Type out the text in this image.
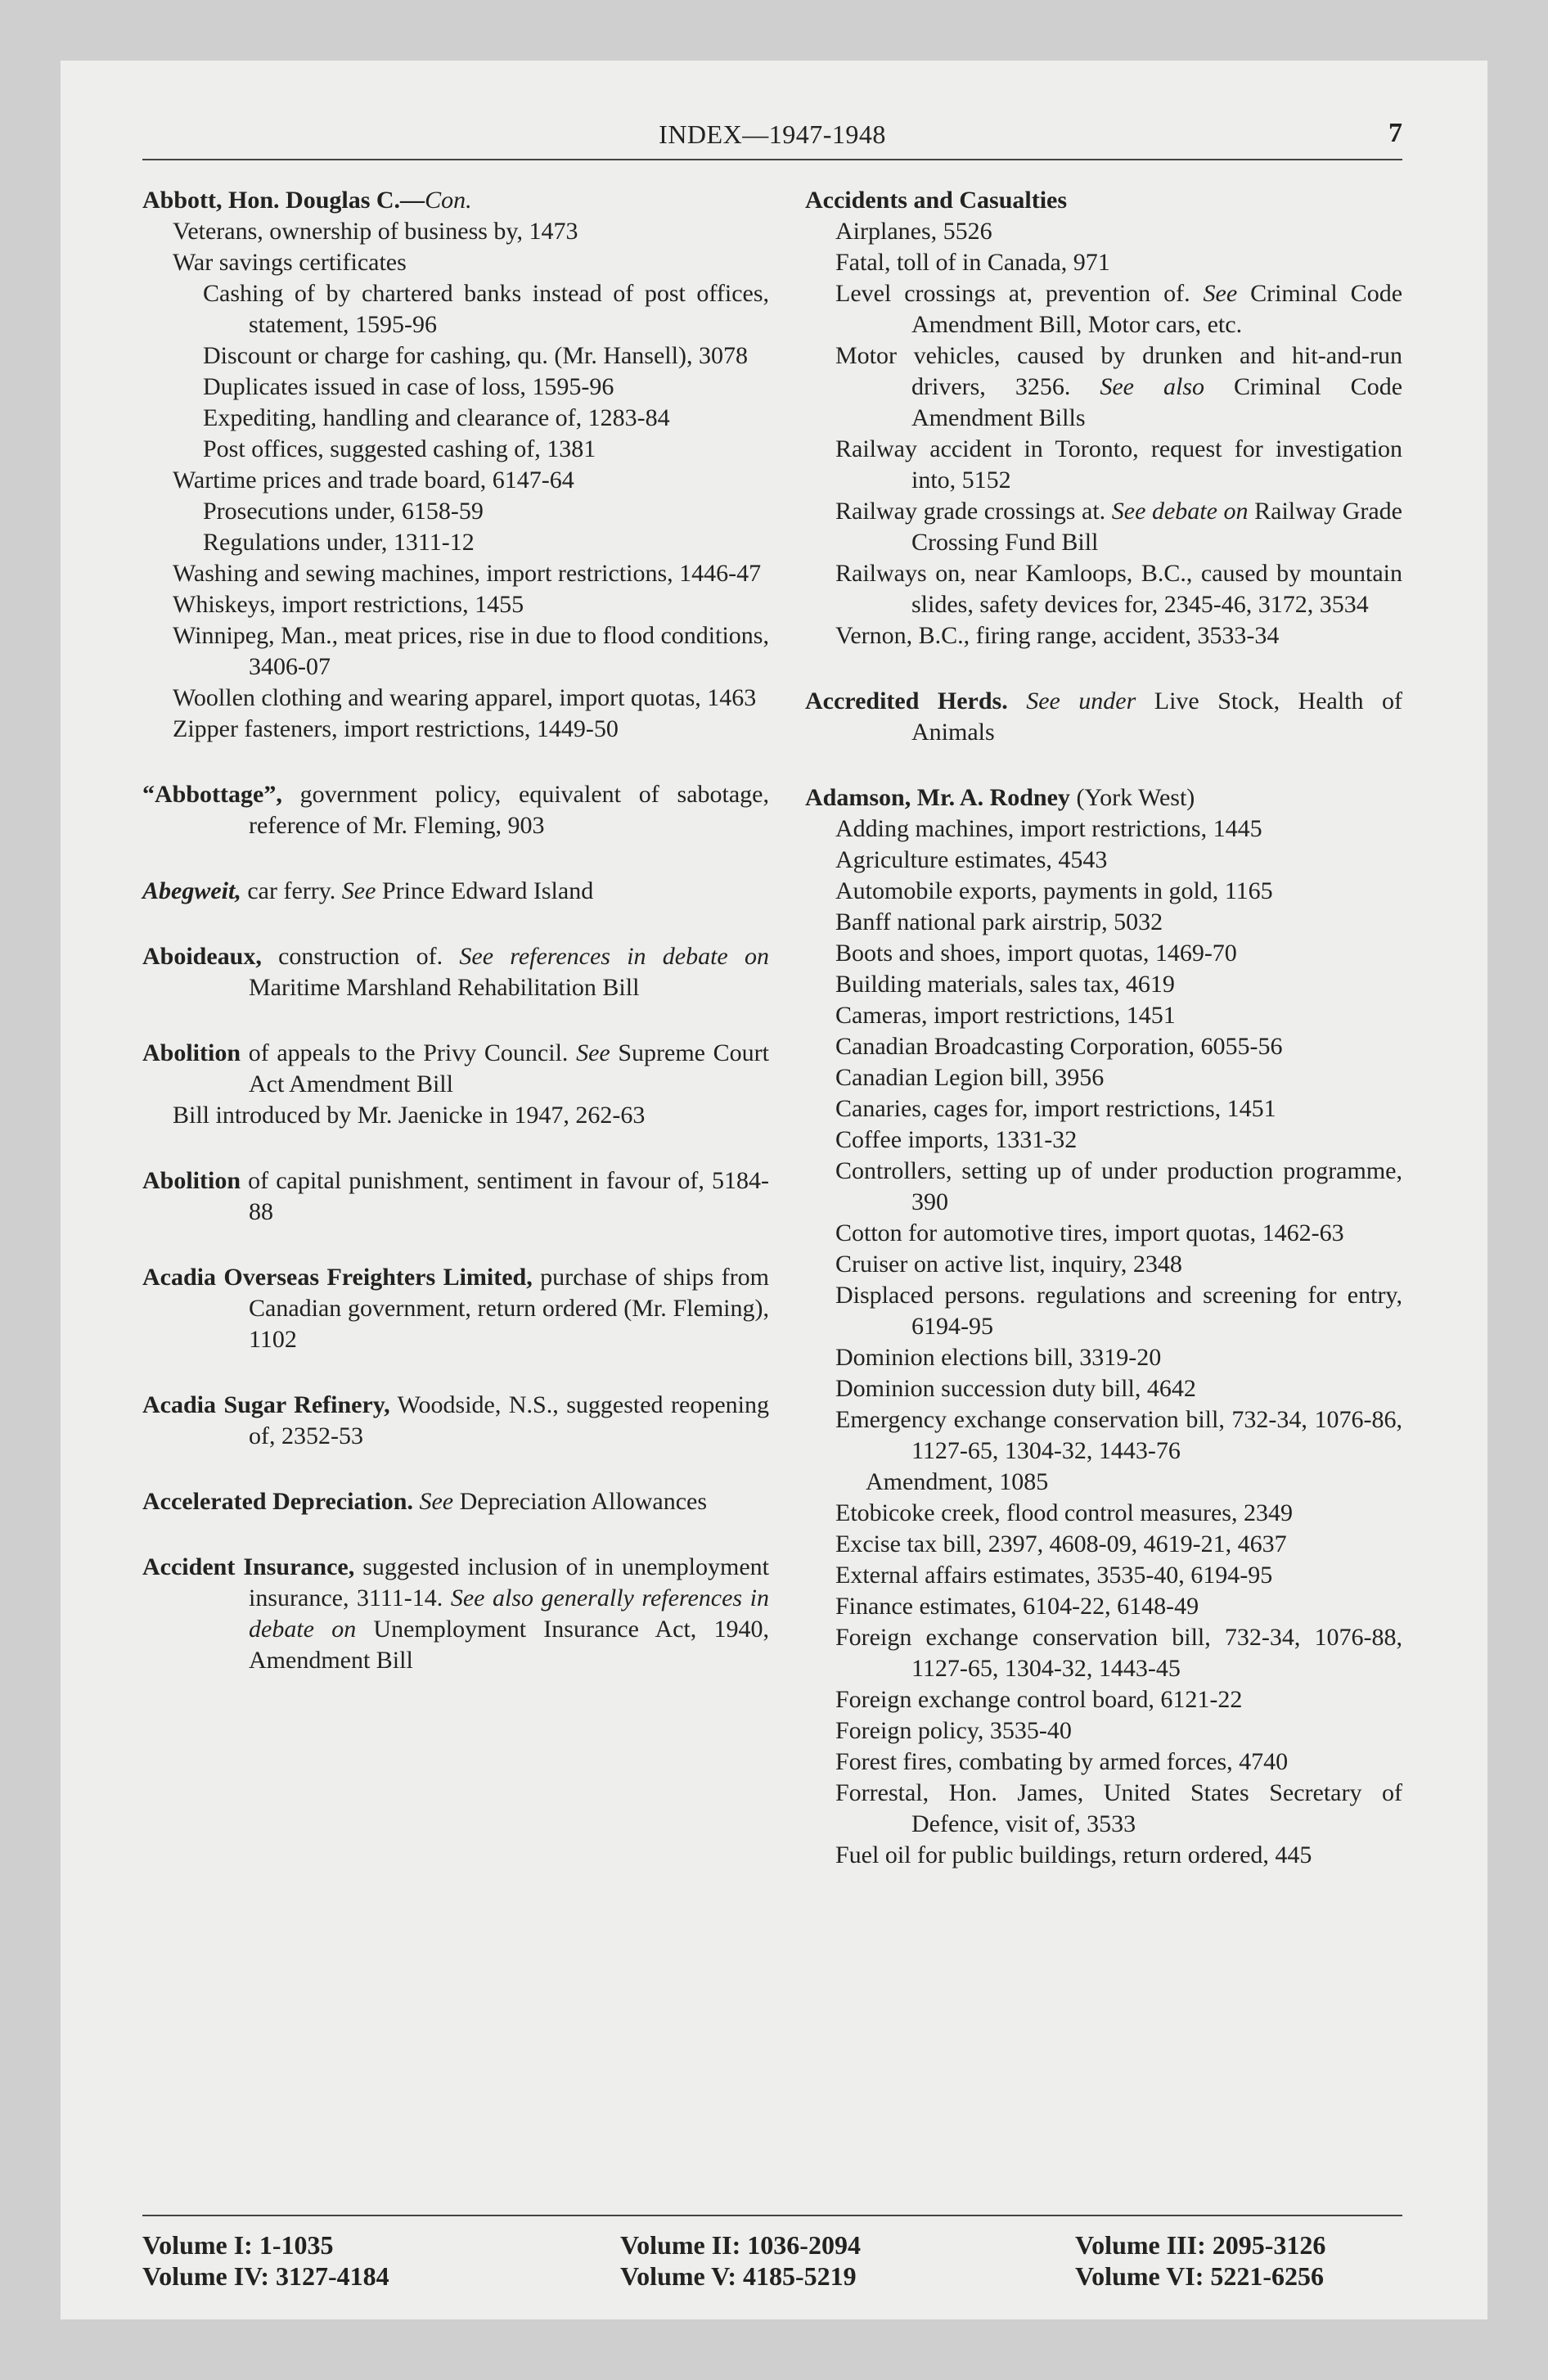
INDEX—1947-1948	7
Abbott, Hon. Douglas C.—Con.
Veterans, ownership of business by, 1473
War savings certificates
Cashing of by chartered banks instead of post offices, statement, 1595-96
Discount or charge for cashing, qu. (Mr. Hansell), 3078
Duplicates issued in case of loss, 1595-96
Expediting, handling and clearance of, 1283-84
Post offices, suggested cashing of, 1381
Wartime prices and trade board, 6147-64
Prosecutions under, 6158-59
Regulations under, 1311-12
Washing and sewing machines, import restrictions, 1446-47
Whiskeys, import restrictions, 1455
Winnipeg, Man., meat prices, rise in due to flood conditions, 3406-07
Woollen clothing and wearing apparel, import quotas, 1463
Zipper fasteners, import restrictions, 1449-50
“Abbottage”, government policy, equivalent of sabotage, reference of Mr. Fleming, 903
Abegweit, car ferry. See Prince Edward Island
Aboideaux, construction of. See references in debate on Maritime Marshland Rehabilitation Bill
Abolition of appeals to the Privy Council. See Supreme Court Act Amendment Bill
Bill introduced by Mr. Jaenicke in 1947, 262-63
Abolition of capital punishment, sentiment in favour of, 5184-88
Acadia Overseas Freighters Limited, purchase of ships from Canadian government, return ordered (Mr. Fleming), 1102
Acadia Sugar Refinery, Woodside, N.S., suggested reopening of, 2352-53
Accelerated Depreciation. See Depreciation Allowances
Accident Insurance, suggested inclusion of in unemployment insurance, 3111-14. See also generally references in debate on Unemployment Insurance Act, 1940, Amendment Bill
Accidents and Casualties
Airplanes, 5526
Fatal, toll of in Canada, 971
Level crossings at, prevention of. See Criminal Code Amendment Bill, Motor cars, etc.
Motor vehicles, caused by drunken and hit-and-run drivers, 3256. See also Criminal Code Amendment Bills
Railway accident in Toronto, request for investigation into, 5152
Railway grade crossings at. See debate on Railway Grade Crossing Fund Bill
Railways on, near Kamloops, B.C., caused by mountain slides, safety devices for, 2345-46, 3172, 3534
Vernon, B.C., firing range, accident, 3533-34
Accredited Herds. See under Live Stock, Health of Animals
Adamson, Mr. A. Rodney (York West)
Adding machines, import restrictions, 1445
Agriculture estimates, 4543
Automobile exports, payments in gold, 1165
Banff national park airstrip, 5032
Boots and shoes, import quotas, 1469-70
Building materials, sales tax, 4619
Cameras, import restrictions, 1451
Canadian Broadcasting Corporation, 6055-56
Canadian Legion bill, 3956
Canaries, cages for, import restrictions, 1451
Coffee imports, 1331-32
Controllers, setting up of under production programme, 390
Cotton for automotive tires, import quotas, 1462-63
Cruiser on active list, inquiry, 2348
Displaced persons. regulations and screening for entry, 6194-95
Dominion elections bill, 3319-20
Dominion succession duty bill, 4642
Emergency exchange conservation bill, 732-34, 1076-86, 1127-65, 1304-32, 1443-76
Amendment, 1085
Etobicoke creek, flood control measures, 2349
Excise tax bill, 2397, 4608-09, 4619-21, 4637
External affairs estimates, 3535-40, 6194-95
Finance estimates, 6104-22, 6148-49
Foreign exchange conservation bill, 732-34, 1076-88, 1127-65, 1304-32, 1443-45
Foreign exchange control board, 6121-22
Foreign policy, 3535-40
Forest fires, combating by armed forces, 4740
Forrestal, Hon. James, United States Secretary of Defence, visit of, 3533
Fuel oil for public buildings, return ordered, 445
Volume I: 1-1035
Volume IV: 3127-4184
Volume II: 1036-2094
Volume V: 4185-5219
Volume III: 2095-3126
Volume VI: 5221-6256
